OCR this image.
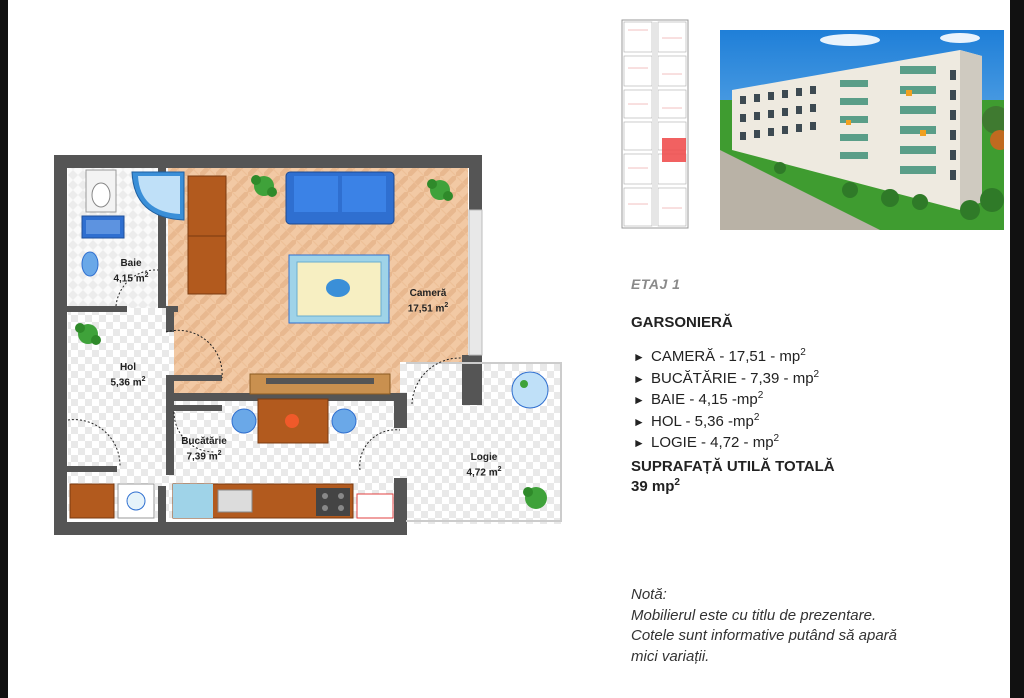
Baie
4,15 $m^2$
Cameră
17,51 $m^2$
Hol
5,36 $m^2$
Bucătărie
7,39 $m^2$	Logie
4,72 $m^2$
ETAJ 1
GARSONIERĂ
► CAMERĂ - $17,51 - mp^2$
► BUCĂTĂRIE - $7,39 - mp^2$
► BAIE - 4,15 $-mp^2$
► HOL - 5,36 $-mp^2$
► LOGIE - $4,72 - mp^2$
SUPRAFAȚĂ UTILĂ TOTALĂ
39 $mp^2$
Notă:
Mobilierul este cu titlu de prezentare.
Cotele sunt informative putând să apară
mici variații.
